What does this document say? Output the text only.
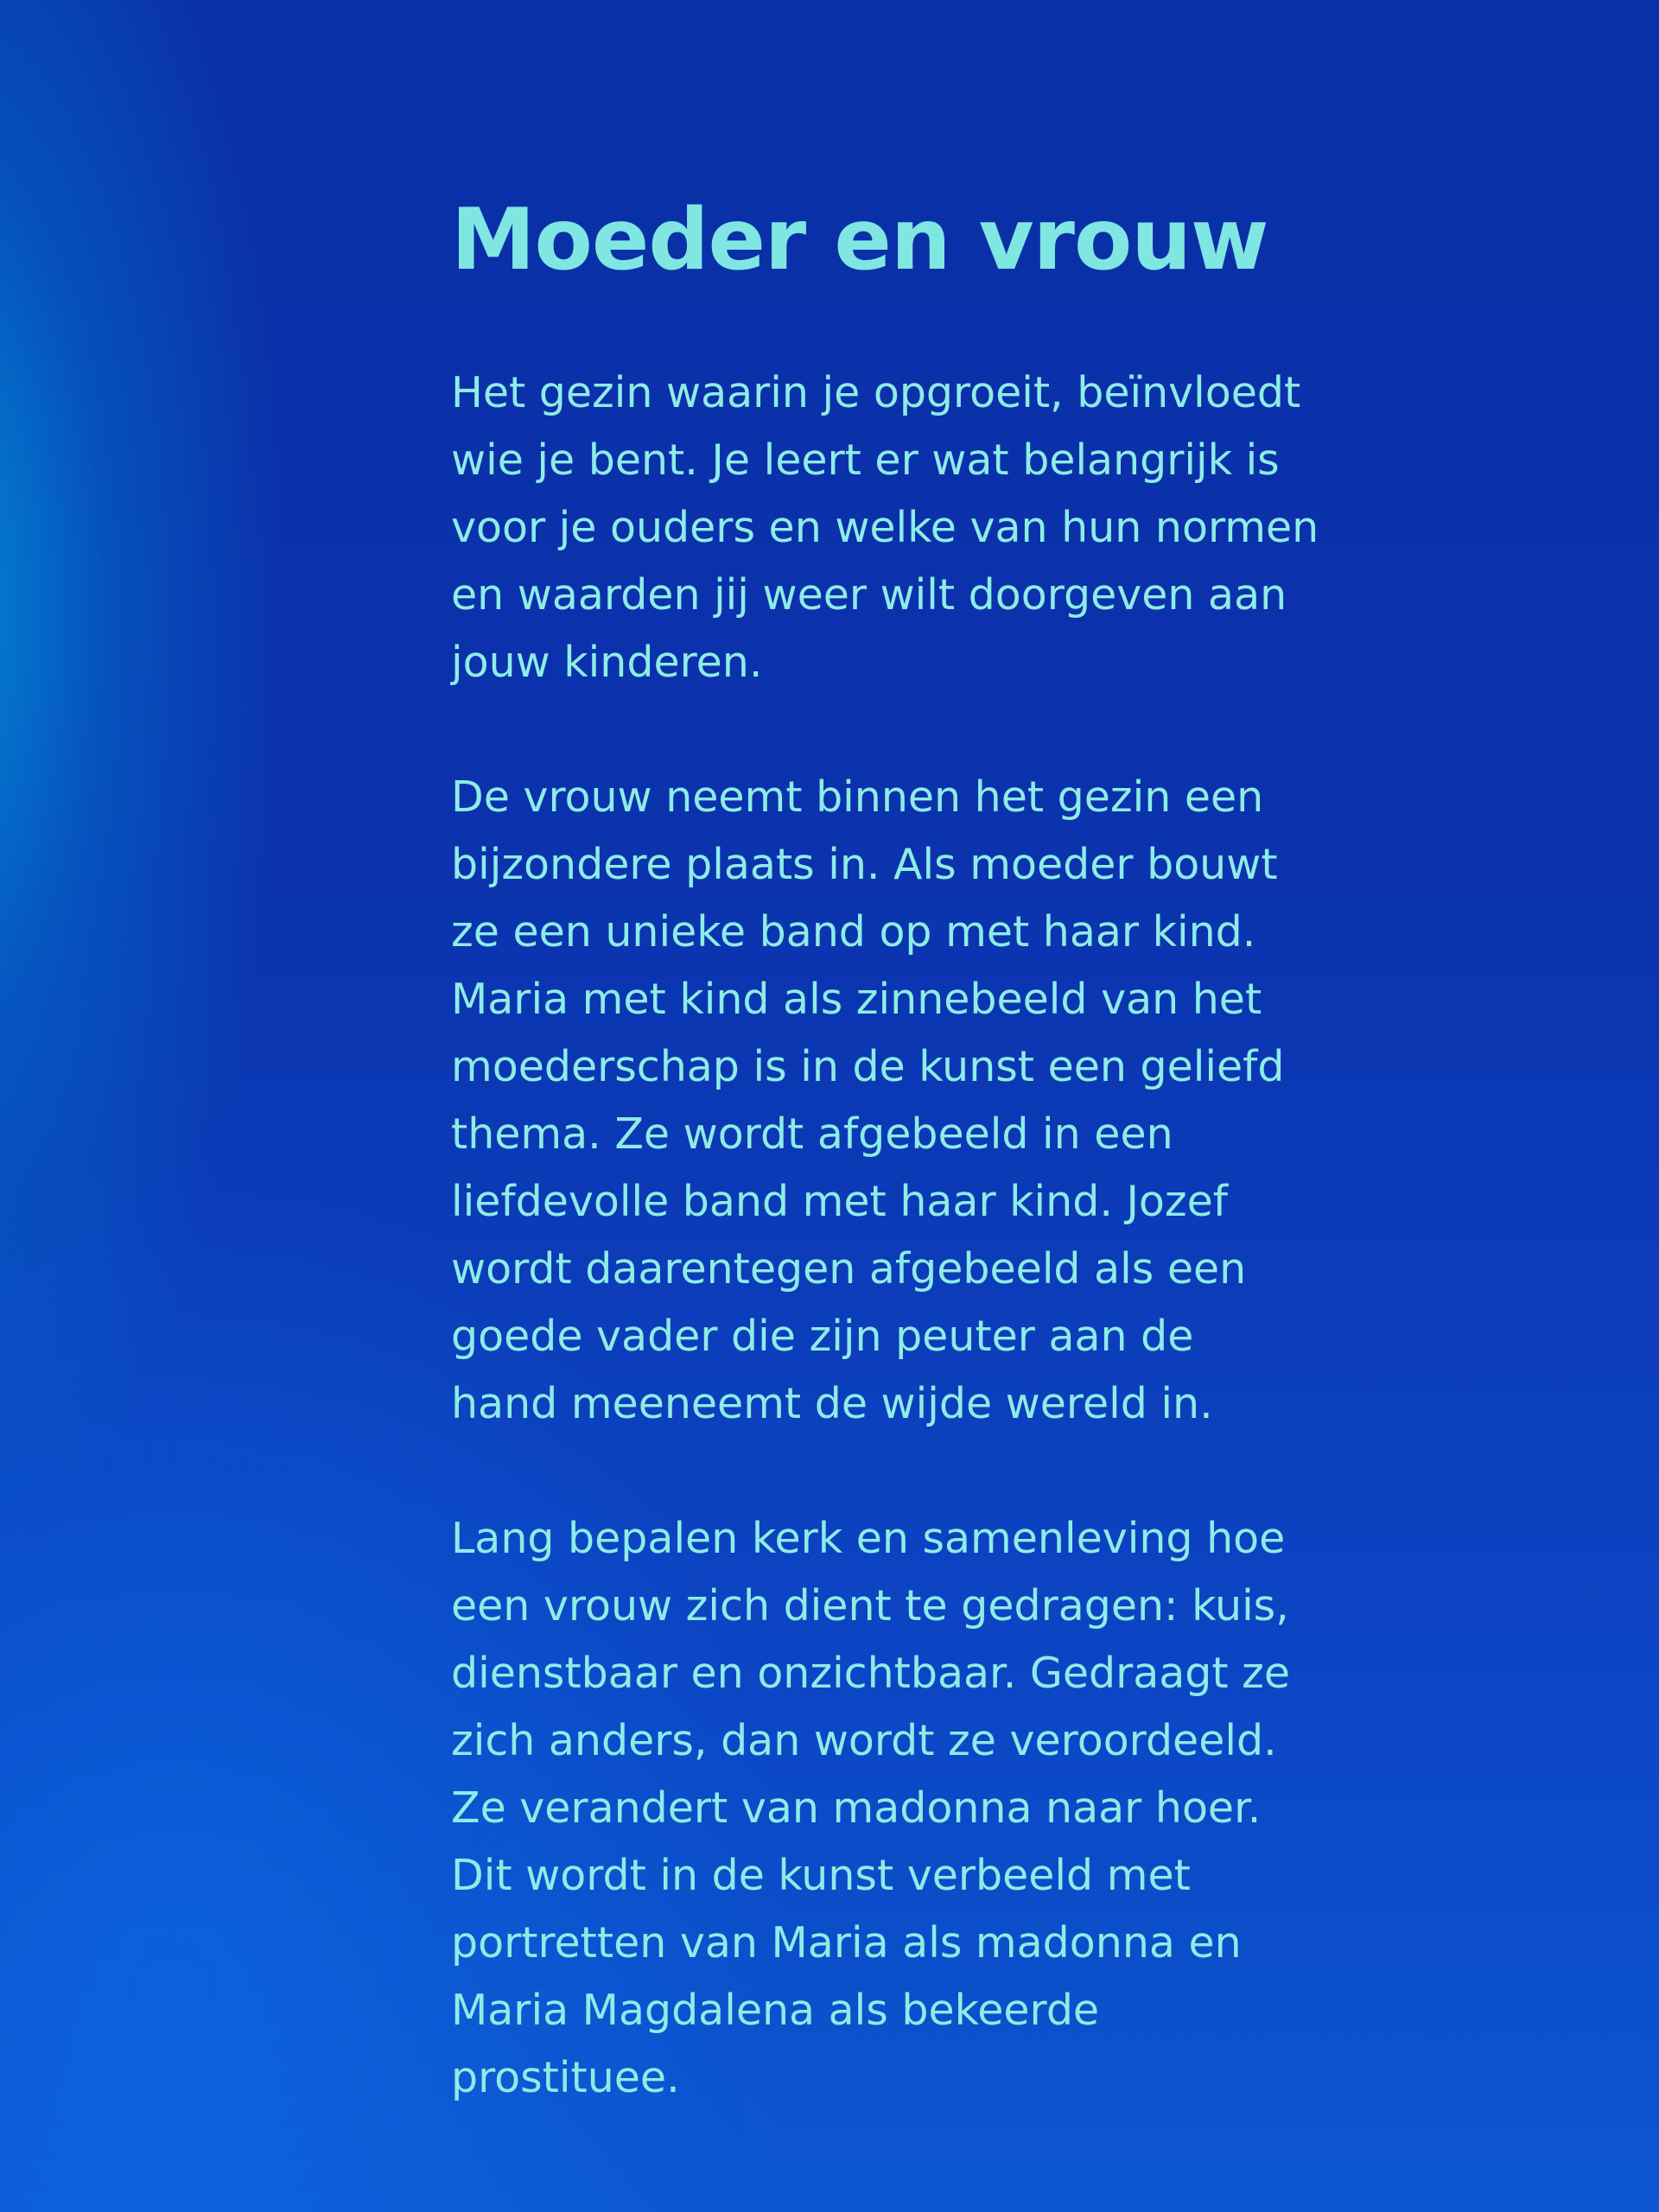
Moeder en vrouw

Het gezin waarin je opgroeit, beïnvloedt
wie je bent. Je leert er wat belangrijk is
voor je ouders en welke van hun normen
en waarden jij weer wilt doorgeven aan
jouw kinderen.

De vrouw neemt binnen het gezin een
bijzondere plaats in. Als moeder bouwt
ze een unieke band op met haar kind.
Maria met kind als zinnebeeld van het
moederschap is in de kunst een geliefd
thema. Ze wordt afgebeeld in een
liefdevolle band met haar kind. Jozef
wordt daarentegen afgebeeld als een
goede vader die zijn peuter aan de
hand meeneemt de wijde wereld in.

Lang bepalen kerk en samenleving hoe
een vrouw zich dient te gedragen: kuis,
dienstbaar en onzichtbaar. Gedraagt ze
zich anders, dan wordt ze veroordeeld.
Ze verandert van madonna naar hoer.
Dit wordt in de kunst verbeeld met
portretten van Maria als madonna en
Maria Magdalena als bekeerde
prostituee.
